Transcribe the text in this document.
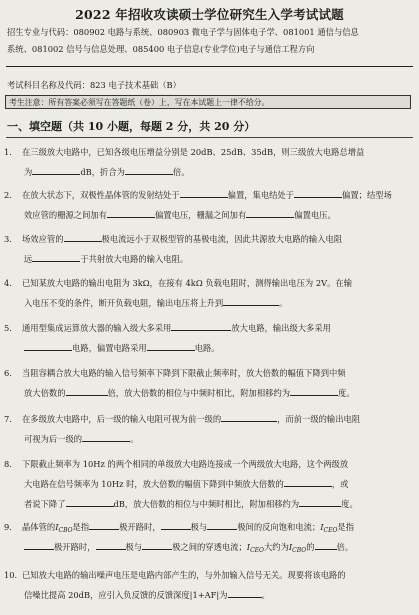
2022 年招收攻读硕士学位研究生入学考试试题
招生专业与代码：080902 电路与系统、080903 微电子学与固体电子学、081001 通信与信息
系统、081002 信号与信息处理、085400 电子信息(专业学位)电子与通信工程方向
考试科目名称及代码：823 电子技术基础（B）
考生注意：所有答案必须写在答题纸（卷）上，写在本试题上一律不给分。
一、填空题（共 10 小题，每题 2 分，共 20 分）
1. 在三级放大电路中，已知各级电压增益分别是 20dB、25dB、35dB，则三级放大电路总增益
为	dB，折合为	倍。
2. 在放大状态下，双极性晶体管的发射结处于	偏置，集电结处于	偏置；结型场
效应管的栅源之间加有	偏置电压，栅漏之间加有	偏置电压。
3. 场效应管的	极电流远小于双极型管的基极电流，因此共源放大电路的输入电阻
远	于共射放大电路的输入电阻。
4. 已知某放大电路的输出电阻为 3kΩ，在接有 4kΩ 负载电阻时，测得输出电压为 2V。在输
入电压不变的条件，断开负载电阻，输出电压将上升到	。
5. 通用型集成运算放大器的输入级大多采用	放大电路，输出级大多采用
电路，偏置电路采用	电路。
6. 当阻容耦合放大电路的输入信号频率下降到下限截止频率时，放大倍数的幅值下降到中频
放大倍数的	倍，放大倍数的相位与中频时相比，附加相移约为	度。
7. 在多级放大电路中，后一级的输入电阻可视为前一级的	，而前一级的输出电阻
可视为后一级的	。
8. 下限截止频率为 10Hz 的两个相同的单级放大电路连接成一个两级放大电路，这个两级放
大电路在信号频率为 10Hz 时，放大倍数的幅值下降到中频放大倍数的	，或
者说下降了	dB，放大倍数的相位与中频时相比，附加相移约为	度。
9. 晶体管的$I_{CBO}$是指	极开路时，	极与	极间的反向饱和电流；$I_{CEO}$是指
极开路时，	极与	极之间的穿透电流；$I_{CEO}$大约为$I_{CBO}$的	倍。
10. 已知放大电路的输出噪声电压是电路内部产生的，与外加输入信号无关。现要将该电路的
信噪比提高 20dB，应引入负反馈的反馈深度|1+AF|为	。
